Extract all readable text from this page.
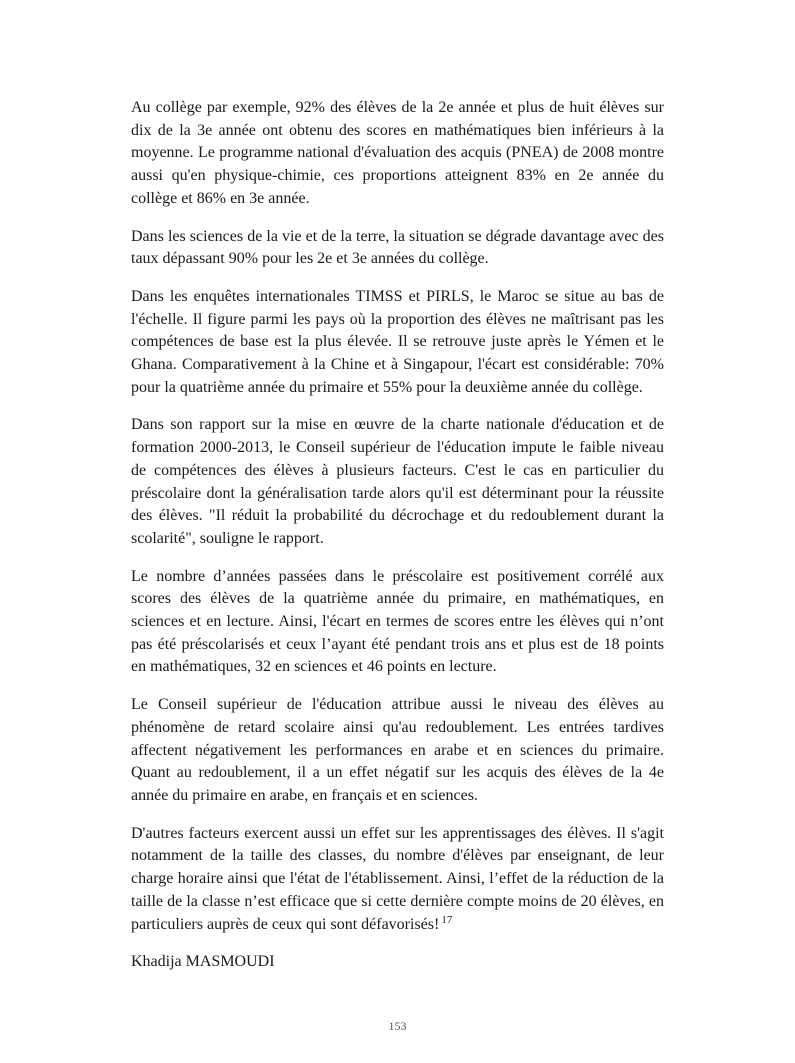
Au collège par exemple, 92% des élèves de la 2e année et plus de huit élèves sur dix de la 3e année ont obtenu des scores en mathématiques bien inférieurs à la moyenne. Le programme national d'évaluation des acquis (PNEA) de 2008 montre aussi qu'en physique-chimie, ces proportions atteignent 83% en 2e année du collège et 86% en 3e année.

Dans les sciences de la vie et de la terre, la situation se dégrade davantage avec des taux dépassant 90% pour les 2e et 3e années du collège.

Dans les enquêtes internationales TIMSS et PIRLS, le Maroc se situe au bas de l'échelle. Il figure parmi les pays où la proportion des élèves ne maîtrisant pas les compétences de base est la plus élevée. Il se retrouve juste après le Yémen et le Ghana. Comparativement à la Chine et à Singapour, l'écart est considérable: 70% pour la quatrième année du primaire et 55% pour la deuxième année du collège.

Dans son rapport sur la mise en œuvre de la charte nationale d'éducation et de formation 2000-2013, le Conseil supérieur de l'éducation impute le faible niveau de compétences des élèves à plusieurs facteurs. C'est le cas en particulier du préscolaire dont la généralisation tarde alors qu'il est déterminant pour la réussite des élèves. "Il réduit la probabilité du décrochage et du redoublement durant la scolarité", souligne le rapport.

Le nombre d’années passées dans le préscolaire est positivement corrélé aux scores des élèves de la quatrième année du primaire, en mathématiques, en sciences et en lecture. Ainsi, l'écart en termes de scores entre les élèves qui n’ont pas été préscolarisés et ceux l’ayant été pendant trois ans et plus est de 18 points en mathématiques, 32 en sciences et 46 points en lecture.

Le Conseil supérieur de l'éducation attribue aussi le niveau des élèves au phénomène de retard scolaire ainsi qu'au redoublement. Les entrées tardives affectent négativement les performances en arabe et en sciences du primaire. Quant au redoublement, il a un effet négatif sur les acquis des élèves de la 4e année du primaire en arabe, en français et en sciences.

D'autres facteurs exercent aussi un effet sur les apprentissages des élèves. Il s'agit notamment de la taille des classes, du nombre d'élèves par enseignant, de leur charge horaire ainsi que l'état de l'établissement. Ainsi, l’effet de la réduction de la taille de la classe n’est efficace que si cette dernière compte moins de 20 élèves, en particuliers auprès de ceux qui sont défavorisés! $^{17}$

Khadija MASMOUDI

153
